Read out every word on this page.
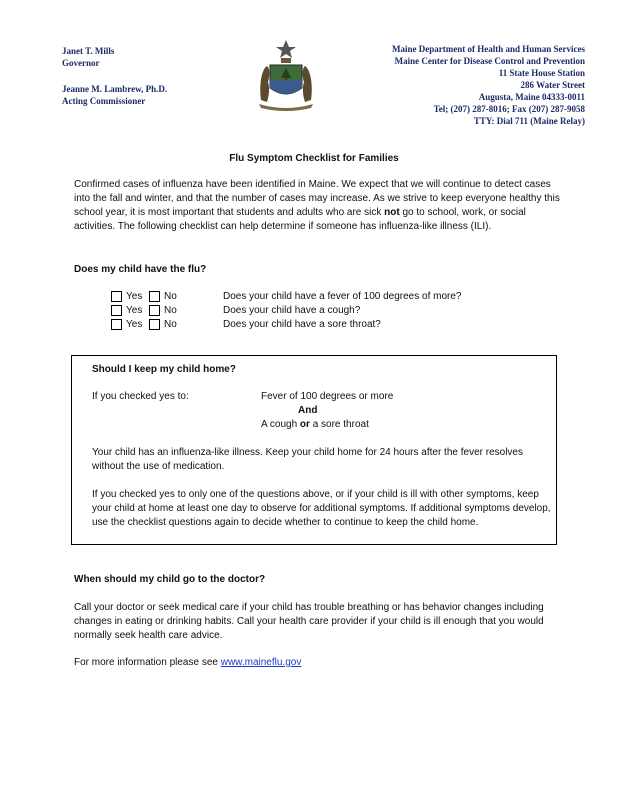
Janet T. Mills
Governor
Jeanne M. Lambrew, Ph.D.
Acting Commissioner
Maine Department of Health and Human Services
Maine Center for Disease Control and Prevention
11 State House Station
286 Water Street
Augusta, Maine 04333-0011
Tel; (207) 287-8016; Fax (207) 287-9058
TTY: Dial 711 (Maine Relay)
Flu Symptom Checklist for Families
Confirmed cases of influenza have been identified in Maine. We expect that we will continue to detect cases into the fall and winter, and that the number of cases may increase. As we strive to keep everyone healthy this school year, it is most important that students and adults who are sick not go to school, work, or social activities. The following checklist can help determine if someone has influenza-like illness (ILI).
Does my child have the flu?
Yes No	Does your child have a fever of 100 degrees of more?
Yes No	Does your child have a cough?
Yes No	Does your child have a sore throat?
Should I keep my child home?
If you checked yes to:	Fever of 100 degrees or more
And
A cough or a sore throat
Your child has an influenza-like illness. Keep your child home for 24 hours after the fever resolves without the use of medication.
If you checked yes to only one of the questions above, or if your child is ill with other symptoms, keep your child at home at least one day to observe for additional symptoms. If additional symptoms develop, use the checklist questions again to decide whether to continue to keep the child home.
When should my child go to the doctor?
Call your doctor or seek medical care if your child has trouble breathing or has behavior changes including changes in eating or drinking habits. Call your health care provider if your child is ill enough that you would normally seek health care advice.
For more information please see www.maineflu.gov
